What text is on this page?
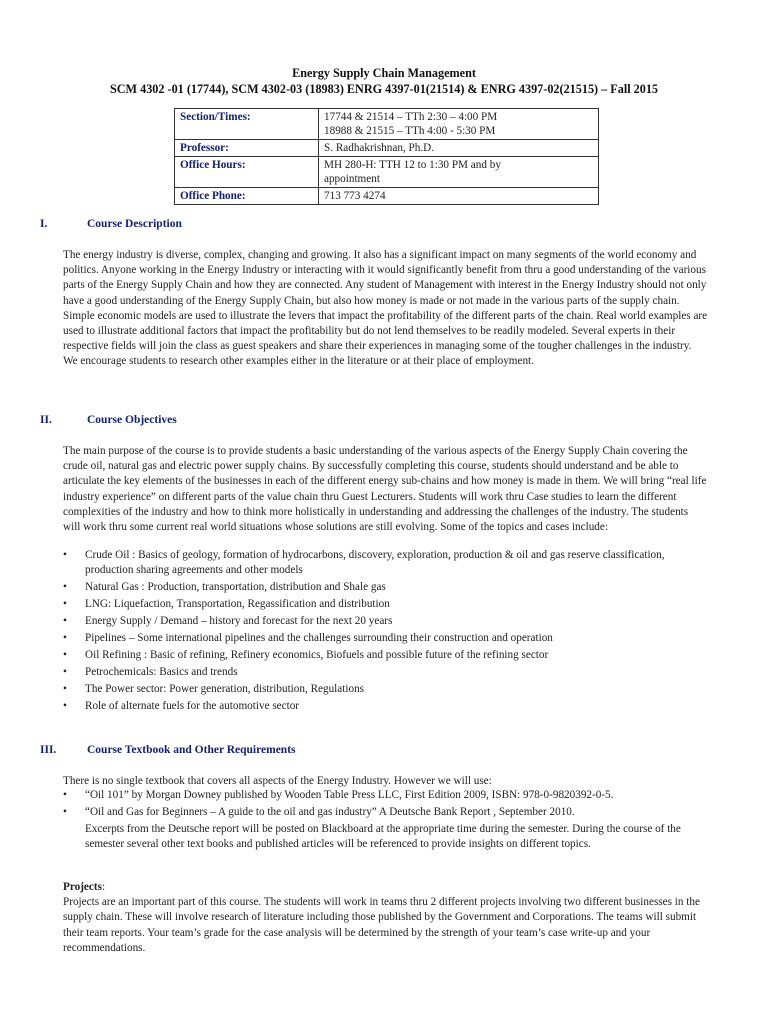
Energy Supply Chain Management
SCM 4302 -01 (17744), SCM 4302-03 (18983) ENRG 4397-01(21514) & ENRG 4397-02(21515) – Fall 2015
Section/Times:	17744 & 21514 – TTh 2:30 – 4:00 PM
18988 & 21515 – TTh 4:00 - 5:30 PM

Professor:	S. Radhakrishnan, Ph.D.

Office Hours:	MH 280-H: TTH 12 to 1:30 PM and by
appointment

Office Phone:	713 773 4274
I.	Course Description

The energy industry is diverse, complex, changing and growing. It also has a significant impact on many segments of the world economy and politics. Anyone working in the Energy Industry or interacting with it would significantly benefit from thru a good understanding of the various parts of the Energy Supply Chain and how they are connected. Any student of Management with interest in the Energy Industry should not only have a good understanding of the Energy Supply Chain, but also how money is made or not made in the various parts of the supply chain. Simple economic models are used to illustrate the levers that impact the profitability of the different parts of the chain. Real world examples are used to illustrate additional factors that impact the profitability but do not lend themselves to be readily modeled. Several experts in their respective fields will join the class as guest speakers and share their experiences in managing some of the tougher challenges in the industry.

We encourage students to research other examples either in the literature or at their place of employment.

II.	Course Objectives
The main purpose of the course is to provide students a basic understanding of the various aspects of the Energy Supply Chain covering the crude oil, natural gas and electric power supply chains. By successfully completing this course, students should understand and be able to articulate the key elements of the businesses in each of the different energy sub-chains and how money is made in them. We will bring “real life industry experience” on different parts of the value chain thru Guest Lecturers. Students will work thru Case studies to learn the different complexities of the industry and how to think more holistically in understanding and addressing the challenges of the industry. The students will work thru some current real world situations whose solutions are still evolving. Some of the topics and cases include:
• Crude Oil : Basics of geology, formation of hydrocarbons, discovery, exploration, production & oil and gas reserve classification, production sharing agreements and other models
• Natural Gas : Production, transportation, distribution and Shale gas
• LNG: Liquefaction, Transportation, Regassification and distribution
• Energy Supply / Demand – history and forecast for the next 20 years
• Pipelines – Some international pipelines and the challenges surrounding their construction and operation
• Oil Refining : Basic of refining, Refinery economics, Biofuels and possible future of the refining sector
• Petrochemicals: Basics and trends
• The Power sector: Power generation, distribution, Regulations
• Role of alternate fuels for the automotive sector
III.	Course Textbook and Other Requirements
There is no single textbook that covers all aspects of the Energy Industry. However we will use:
• “Oil 101” by Morgan Downey published by Wooden Table Press LLC, First Edition 2009, ISBN: 978-0-9820392-0-5.
• “Oil and Gas for Beginners – A guide to the oil and gas industry” A Deutsche Bank Report , September 2010.
Excerpts from the Deutsche report will be posted on Blackboard at the appropriate time during the semester. During the course of the semester several other text books and published articles will be referenced to provide insights on different topics.

Projects:

Projects are an important part of this course. The students will work in teams thru 2 different projects involving two different businesses in the supply chain. These will involve research of literature including those published by the Government and Corporations. The teams will submit their team reports. Your team’s grade for the case analysis will be determined by the strength of your team’s case write-up and your recommendations.
